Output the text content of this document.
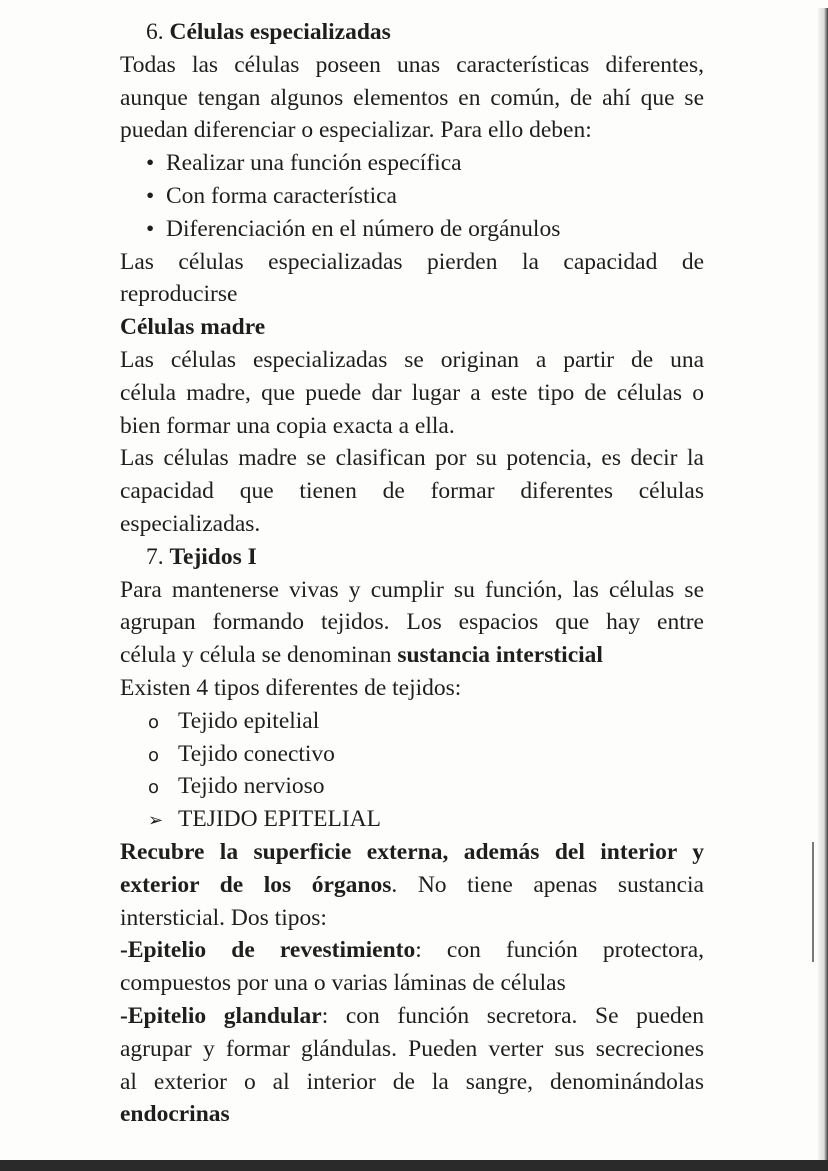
6. Células especializadas
Todas las células poseen unas características diferentes,
aunque tengan algunos elementos en común, de ahí que se
puedan diferenciar o especializar. Para ello deben:
• Realizar una función específica
• Con forma característica
• Diferenciación en el número de orgánulos
Las células especializadas pierden la capacidad de
reproducirse
Células madre
Las células especializadas se originan a partir de una
célula madre, que puede dar lugar a este tipo de células o
bien formar una copia exacta a ella.
Las células madre se clasifican por su potencia, es decir la
capacidad que tienen de formar diferentes células
especializadas.
7. Tejidos I
Para mantenerse vivas y cumplir su función, las células se
agrupan formando tejidos. Los espacios que hay entre
célula y célula se denominan sustancia intersticial
Existen 4 tipos diferentes de tejidos:
o Tejido epitelial
o Tejido conectivo
o Tejido nervioso
➢ TEJIDO EPITELIAL
Recubre la superficie externa, además del interior y
exterior de los órganos. No tiene apenas sustancia
intersticial. Dos tipos:
-Epitelio de revestimiento: con función protectora,
compuestos por una o varias láminas de células
-Epitelio glandular: con función secretora. Se pueden
agrupar y formar glándulas. Pueden verter sus secreciones
al exterior o al interior de la sangre, denominándolas
endocrinas
